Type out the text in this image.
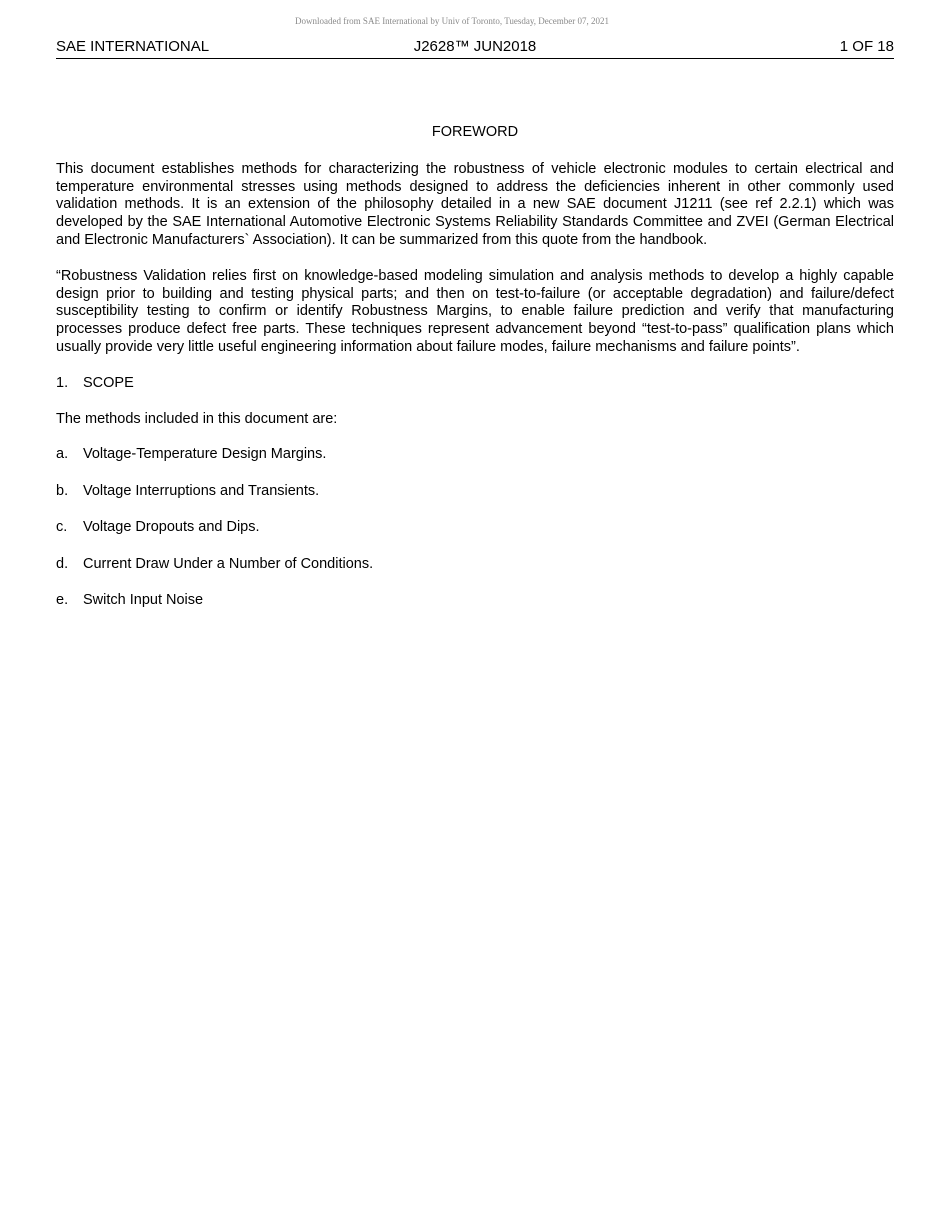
Downloaded from SAE International by Univ of Toronto, Tuesday, December 07, 2021
SAE INTERNATIONAL	J2628™ JUN2018	1 OF 18
FOREWORD

This document establishes methods for characterizing the robustness of vehicle electronic modules to certain electrical and temperature environmental stresses using methods designed to address the deficiencies inherent in other commonly used validation methods. It is an extension of the philosophy detailed in a new SAE document J1211 (see ref 2.2.1) which was developed by the SAE International Automotive Electronic Systems Reliability Standards Committee and ZVEI (German Electrical and Electronic Manufacturers` Association). It can be summarized from this quote from the handbook.

“Robustness Validation relies first on knowledge-based modeling simulation and analysis methods to develop a highly capable design prior to building and testing physical parts; and then on test-to-failure (or acceptable degradation) and failure/defect susceptibility testing to confirm or identify Robustness Margins, to enable failure prediction and verify that manufacturing processes produce defect free parts. These techniques represent advancement beyond “test-to-pass” qualification plans which usually provide very little useful engineering information about failure modes, failure mechanisms and failure points”.

1. SCOPE

The methods included in this document are:

a. Voltage-Temperature Design Margins.
b. Voltage Interruptions and Transients.
c. Voltage Dropouts and Dips.
d. Current Draw Under a Number of Conditions.
e. Switch Input Noise
